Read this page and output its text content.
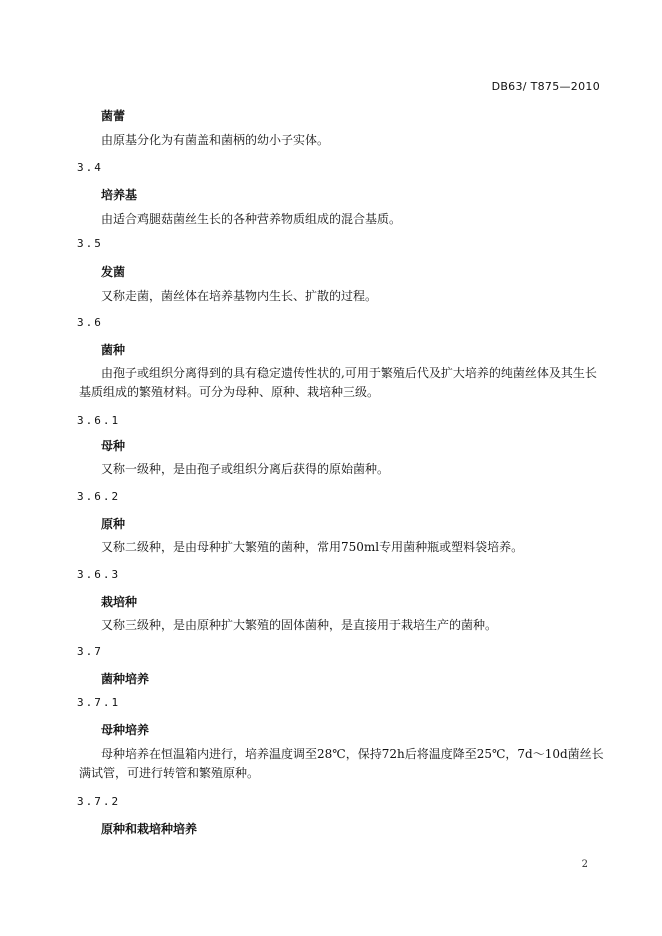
DB63/ T875—2010
菌蕾
由原基分化为有菌盖和菌柄的幼小子实体。
3.4
培养基
由适合鸡腿菇菌丝生长的各种营养物质组成的混合基质。
3.5
发菌
又称走菌，菌丝体在培养基物内生长、扩散的过程。
3.6
菌种
由孢子或组织分离得到的具有稳定遗传性状的,可用于繁殖后代及扩大培养的纯菌丝体及其生长基质组成的繁殖材料。可分为母种、原种、栽培种三级。
3.6.1
母种
又称一级种，是由孢子或组织分离后获得的原始菌种。
3.6.2
原种
又称二级种，是由母种扩大繁殖的菌种，常用750ml专用菌种瓶或塑料袋培养。
3.6.3
栽培种
又称三级种，是由原种扩大繁殖的固体菌种，是直接用于栽培生产的菌种。
3.7
菌种培养
3.7.1
母种培养
母种培养在恒温箱内进行，培养温度调至28℃，保持72h后将温度降至25℃，7d～10d菌丝长满试管，可进行转管和繁殖原种。
3.7.2
原种和栽培种培养
2
